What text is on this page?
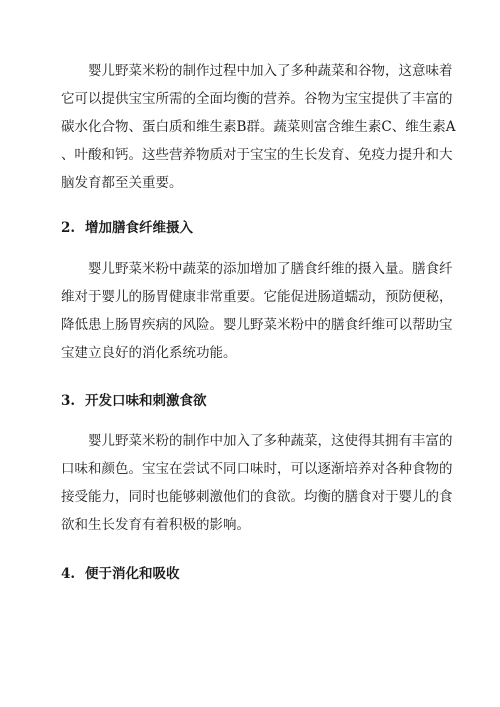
婴儿野菜米粉的制作过程中加入了多种蔬菜和谷物，这意味着
它可以提供宝宝所需的全面均衡的营养。谷物为宝宝提供了丰富的
碳水化合物、蛋白质和维生素B群。蔬菜则富含维生素C、维生素A
、叶酸和钙。这些营养物质对于宝宝的生长发育、免疫力提升和大
脑发育都至关重要。

2. 增加膳食纤维摄入

婴儿野菜米粉中蔬菜的添加增加了膳食纤维的摄入量。膳食纤
维对于婴儿的肠胃健康非常重要。它能促进肠道蠕动，预防便秘，
降低患上肠胃疾病的风险。婴儿野菜米粉中的膳食纤维可以帮助宝
宝建立良好的消化系统功能。

3. 开发口味和刺激食欲

婴儿野菜米粉的制作中加入了多种蔬菜，这使得其拥有丰富的
口味和颜色。宝宝在尝试不同口味时，可以逐渐培养对各种食物的
接受能力，同时也能够刺激他们的食欲。均衡的膳食对于婴儿的食
欲和生长发育有着积极的影响。

4. 便于消化和吸收
